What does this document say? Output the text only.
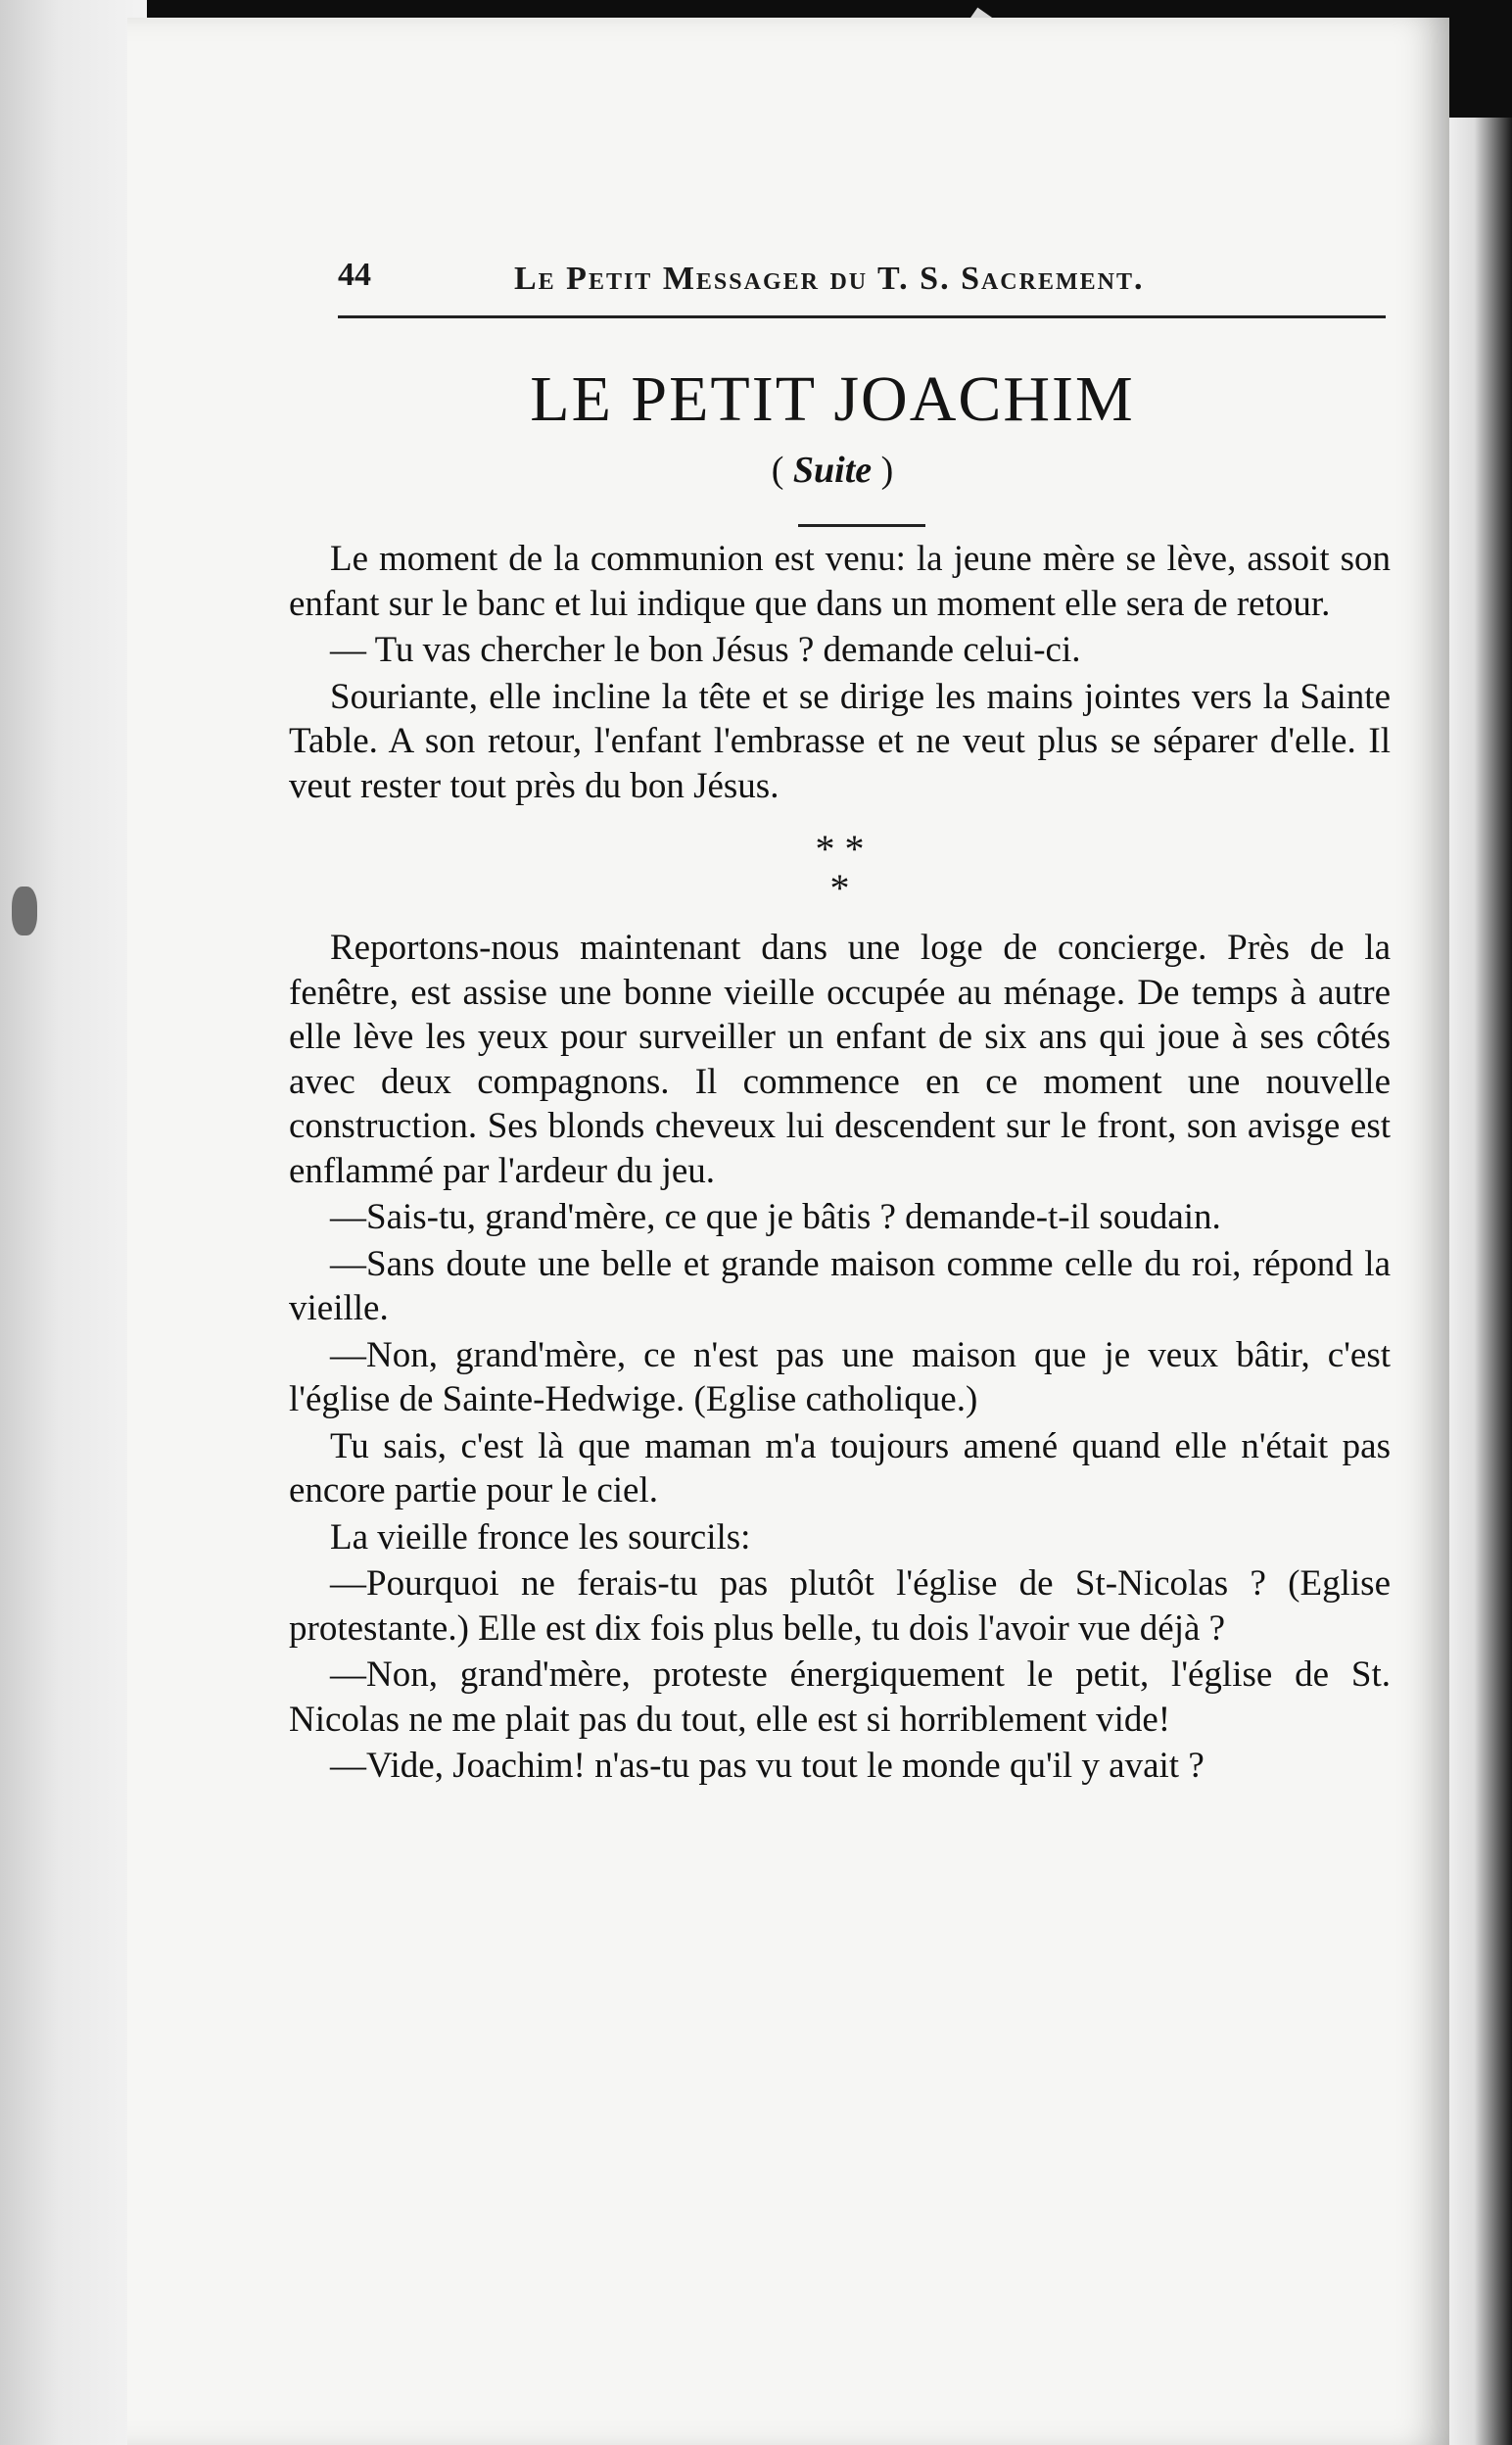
44	Le Petit Messager du T. S. Sacrement.
LE PETIT JOACHIM
( Suite )

Le moment de la communion est venu: la jeune mère se lève, assoit son enfant sur le banc et lui indique que dans un moment elle sera de retour.

— Tu vas chercher le bon Jésus ? demande celui-ci.

Souriante, elle incline la tête et se dirige les mains jointes vers la Sainte Table. A son retour, l'enfant l'embrasse et ne veut plus se séparer d'elle. Il veut rester tout près du bon Jésus.

* *
*

Reportons-nous maintenant dans une loge de concierge. Près de la fenêtre, est assise une bonne vieille occupée au ménage. De temps à autre elle lève les yeux pour surveiller un enfant de six ans qui joue à ses côtés avec deux compagnons. Il commence en ce moment une nouvelle construction. Ses blonds cheveux lui descendent sur le front, son avisge est enflammé par l'ardeur du jeu.

—Sais-tu, grand'mère, ce que je bâtis ? demande-t-il soudain.

—Sans doute une belle et grande maison comme celle du roi, répond la vieille.

—Non, grand'mère, ce n'est pas une maison que je veux bâtir, c'est l'église de Sainte-Hedwige. (Eglise catholique.)

Tu sais, c'est là que maman m'a toujours amené quand elle n'était pas encore partie pour le ciel.

La vieille fronce les sourcils:

—Pourquoi ne ferais-tu pas plutôt l'église de St-Nicolas ? (Eglise protestante.) Elle est dix fois plus belle, tu dois l'avoir vue déjà ?

—Non, grand'mère, proteste énergiquement le petit, l'église de St. Nicolas ne me plait pas du tout, elle est si horriblement vide!

—Vide, Joachim! n'as-tu pas vu tout le monde qu'il y avait ?
